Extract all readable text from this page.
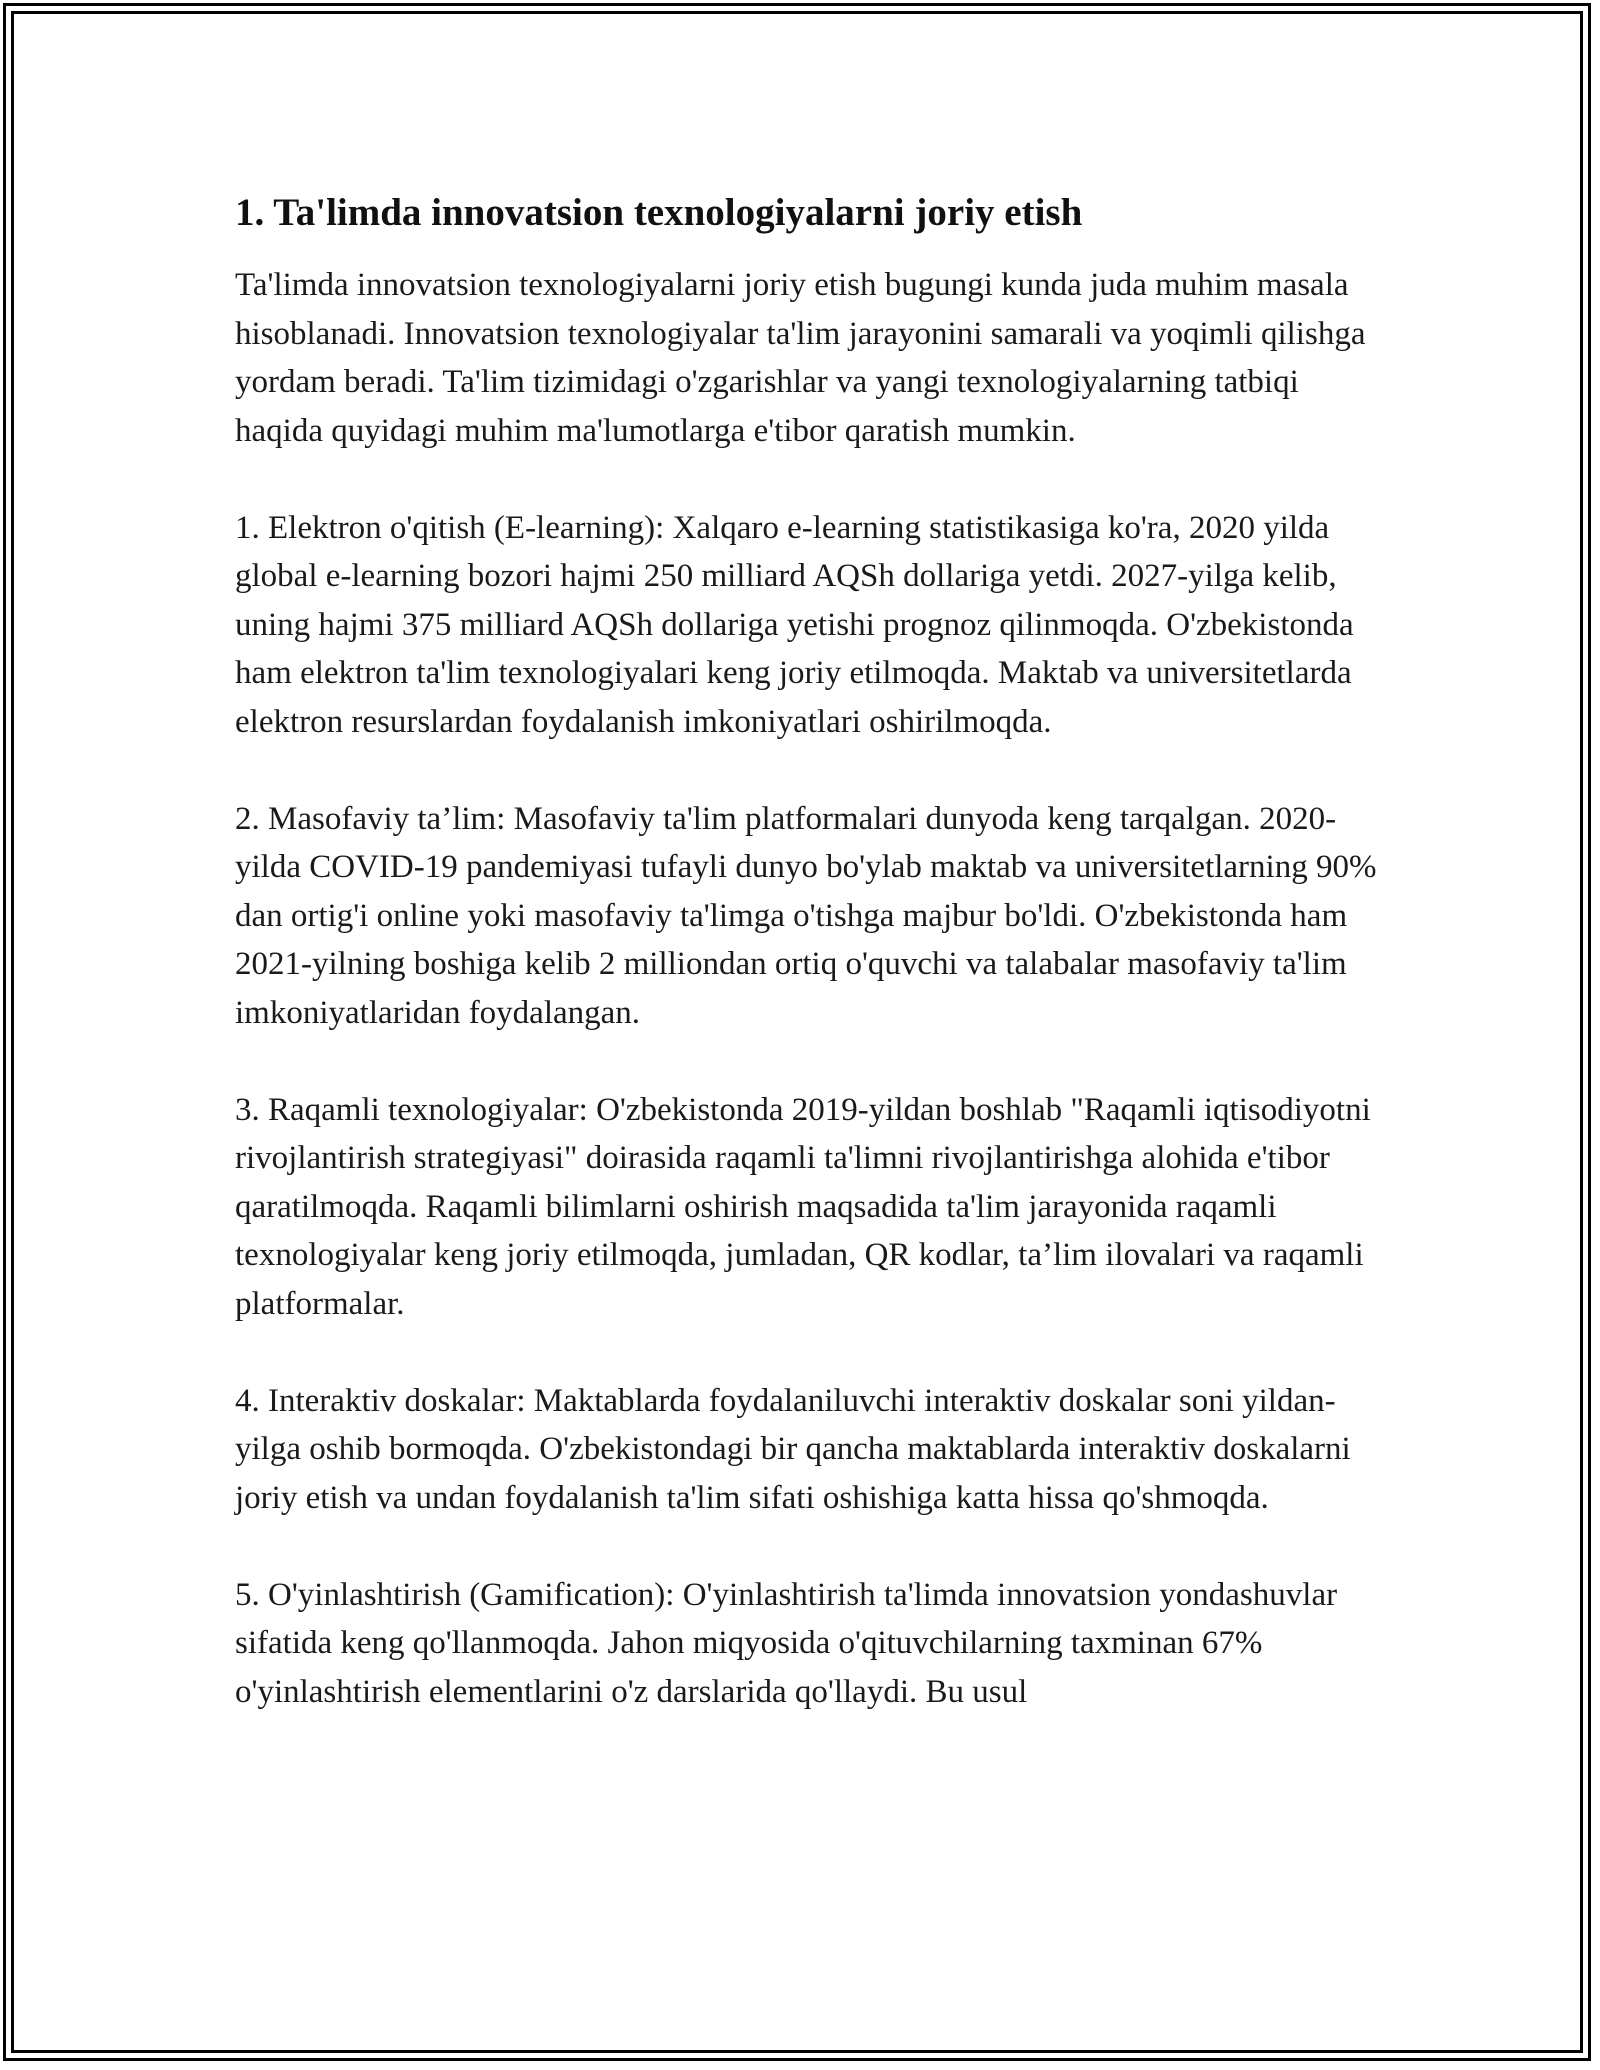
1. Ta'limda innovatsion texnologiyalarni joriy etish

Ta'limda innovatsion texnologiyalarni joriy etish bugungi kunda juda muhim masala hisoblanadi. Innovatsion texnologiyalar ta'lim jarayonini samarali va yoqimli qilishga yordam beradi. Ta'lim tizimidagi o'zgarishlar va yangi texnologiyalarning tatbiqi haqida quyidagi muhim ma'lumotlarga e'tibor qaratish mumkin.

1. Elektron o'qitish (E-learning): Xalqaro e-learning statistikasiga ko'ra, 2020 yilda global e-learning bozori hajmi 250 milliard AQSh dollariga yetdi. 2027-yilga kelib, uning hajmi 375 milliard AQSh dollariga yetishi prognoz qilinmoqda. O'zbekistonda ham elektron ta'lim texnologiyalari keng joriy etilmoqda. Maktab va universitetlarda elektron resurslardan foydalanish imkoniyatlari oshirilmoqda.

2. Masofaviy ta’lim: Masofaviy ta'lim platformalari dunyoda keng tarqalgan. 2020-yilda COVID-19 pandemiyasi tufayli dunyo bo'ylab maktab va universitetlarning 90% dan ortig'i online yoki masofaviy ta'limga o'tishga majbur bo'ldi. O'zbekistonda ham 2021-yilning boshiga kelib 2 milliondan ortiq o'quvchi va talabalar masofaviy ta'lim imkoniyatlaridan foydalangan.

3. Raqamli texnologiyalar: O'zbekistonda 2019-yildan boshlab "Raqamli iqtisodiyotni rivojlantirish strategiyasi" doirasida raqamli ta'limni rivojlantirishga alohida e'tibor qaratilmoqda. Raqamli bilimlarni oshirish maqsadida ta'lim jarayonida raqamli texnologiyalar keng joriy etilmoqda, jumladan, QR kodlar, ta’lim ilovalari va raqamli platformalar.

4. Interaktiv doskalar: Maktablarda foydalaniluvchi interaktiv doskalar soni yildan-yilga oshib bormoqda. O'zbekistondagi bir qancha maktablarda interaktiv doskalarni joriy etish va undan foydalanish ta'lim sifati oshishiga katta hissa qo'shmoqda.

5. O'yinlashtirish (Gamification): O'yinlashtirish ta'limda innovatsion yondashuvlar sifatida keng qo'llanmoqda. Jahon miqyosida o'qituvchilarning taxminan 67% o'yinlashtirish elementlarini o'z darslarida qo'llaydi. Bu usul
